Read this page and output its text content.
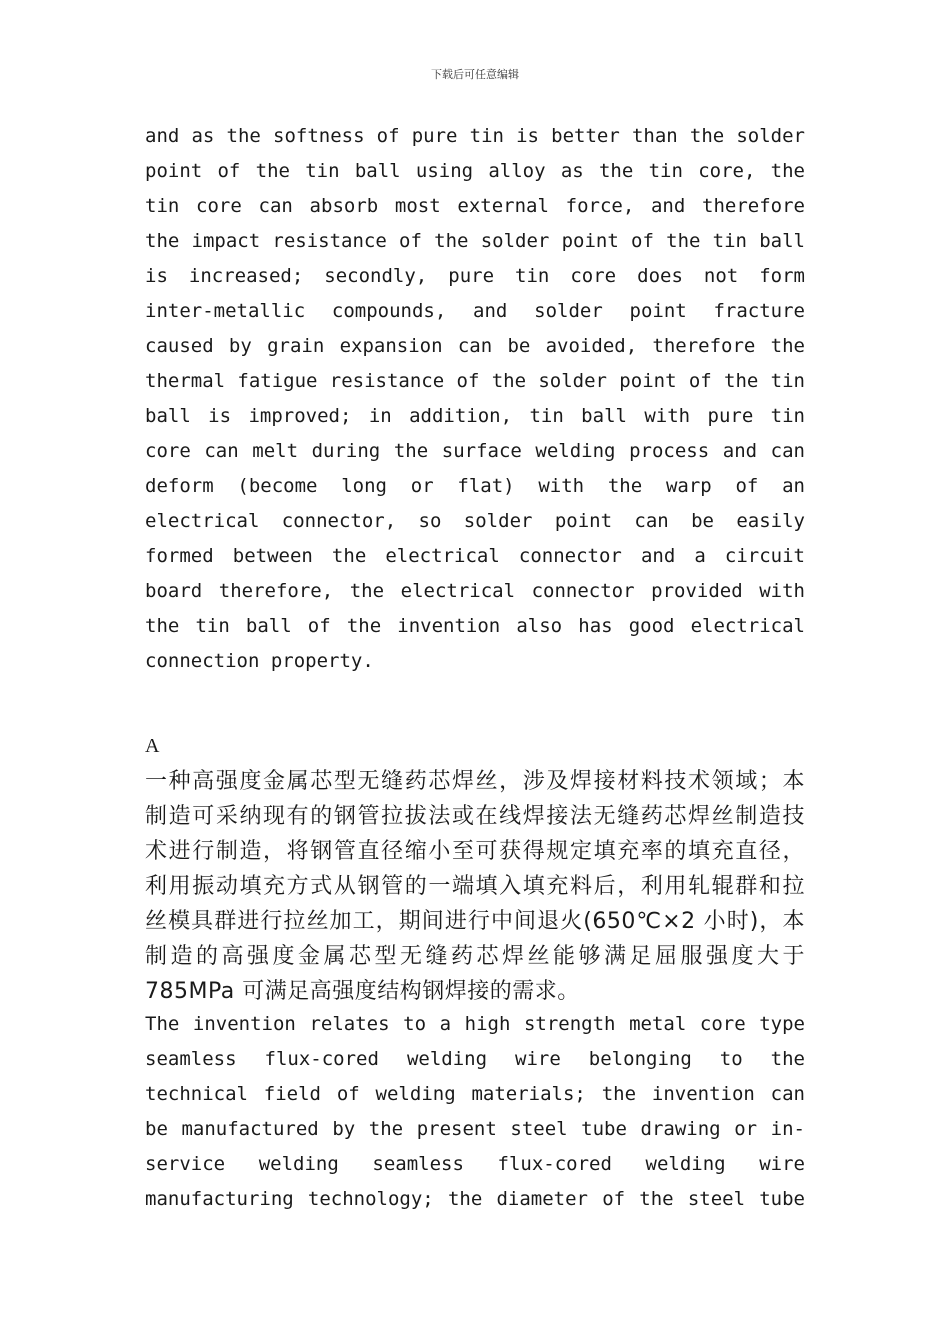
下载后可任意编辑
and as the softness of pure tin is better than the solder
point of the tin ball using alloy as the tin core, the
tin core can absorb most external force, and therefore
the impact resistance of the solder point of the tin ball
is increased; secondly, pure tin core does not form
inter-metallic compounds, and solder point fracture
caused by grain expansion can be avoided, therefore the
thermal fatigue resistance of the solder point of the tin
ball is improved; in addition, tin ball with pure tin
core can melt during the surface welding process and can
deform (become long or flat) with the warp of an
electrical connector, so solder point can be easily
formed between the electrical connector and a circuit
board therefore, the electrical connector provided with
the tin ball of the invention also has good electrical
connection property.
A
一种高强度金属芯型无缝药芯焊丝，涉及焊接材料技术领域；本
制造可采纳现有的钢管拉拔法或在线焊接法无缝药芯焊丝制造技
术进行制造，将钢管直径缩小至可获得规定填充率的填充直径，
利用振动填充方式从钢管的一端填入填充料后，利用轧辊群和拉
丝模具群进行拉丝加工，期间进行中间退火(650℃×2 小时)，本
制造的高强度金属芯型无缝药芯焊丝能够满足屈服强度大于
785MPa 可满足高强度结构钢焊接的需求。
The invention relates to a high strength metal core type
seamless flux-cored welding wire belonging to the
technical field of welding materials; the invention can
be manufactured by the present steel tube drawing or in-
service welding seamless flux-cored welding wire
manufacturing technology; the diameter of the steel tube
